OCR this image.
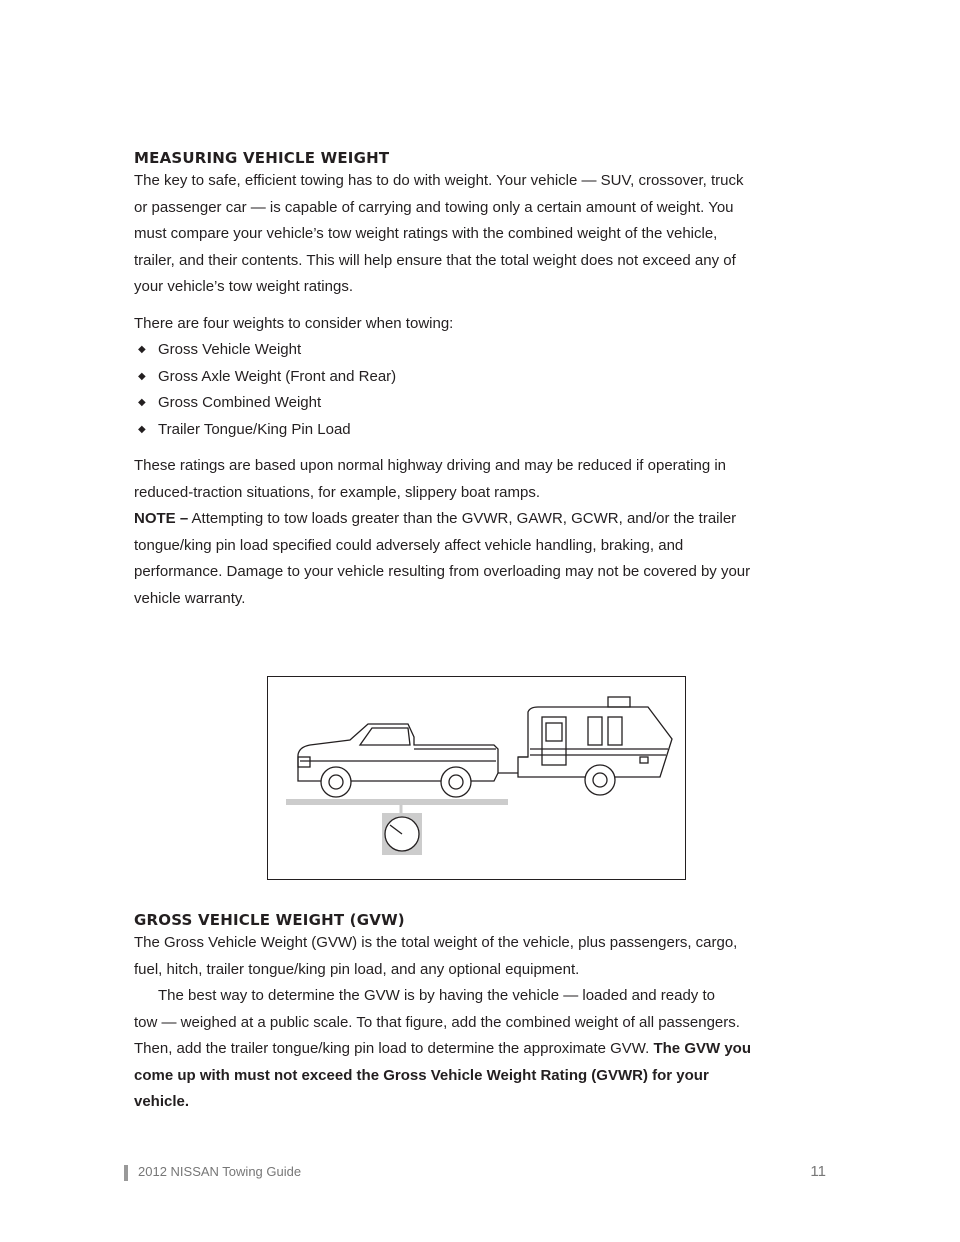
MEASURING VEHICLE WEIGHT

The key to safe, efficient towing has to do with weight. Your vehicle — SUV, crossover, truck

or passenger car — is capable of carrying and towing only a certain amount of weight. You

must compare your vehicle’s tow weight ratings with the combined weight of the vehicle,

trailer, and their contents. This will help ensure that the total weight does not exceed any of

your vehicle’s tow weight ratings.

There are four weights to consider when towing:

◆ Gross Vehicle Weight
◆ Gross Axle Weight (Front and Rear)
◆ Gross Combined Weight
◆ Trailer Tongue/King Pin Load

These ratings are based upon normal highway driving and may be reduced if operating in

reduced-traction situations, for example, slippery boat ramps.

NOTE – Attempting to tow loads greater than the GVWR, GAWR, GCWR, and/or the trailer

tongue/king pin load specified could adversely affect vehicle handling, braking, and

performance. Damage to your vehicle resulting from overloading may not be covered by your

vehicle warranty.

GROSS VEHICLE WEIGHT (GVW)

The Gross Vehicle Weight (GVW) is the total weight of the vehicle, plus passengers, cargo,

fuel, hitch, trailer tongue/king pin load, and any optional equipment.

The best way to determine the GVW is by having the vehicle — loaded and ready to

tow — weighed at a public scale. To that figure, add the combined weight of all passengers.

Then, add the trailer tongue/king pin load to determine the approximate GVW. The GVW you

come up with must not exceed the Gross Vehicle Weight Rating (GVWR) for your

vehicle.

2012 NISSAN Towing Guide	11
